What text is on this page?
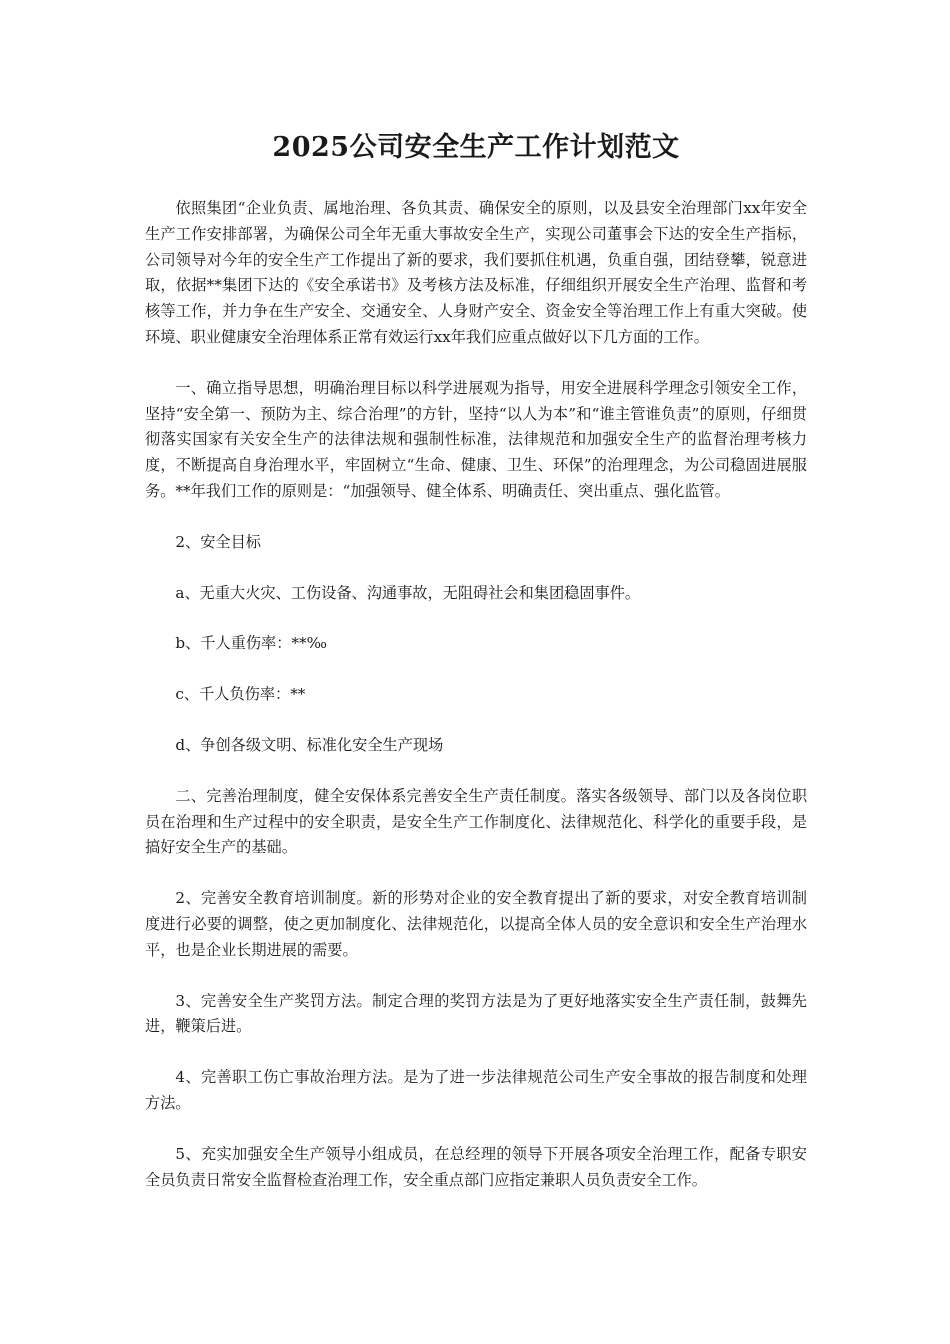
2025公司安全生产工作计划范文

依照集团“企业负责、属地治理、各负其责、确保安全的原则，以及县安全治理部门xx年安全生产工作安排部署，为确保公司全年无重大事故安全生产，实现公司董事会下达的安全生产指标，公司领导对今年的安全生产工作提出了新的要求，我们要抓住机遇，负重自强，团结登攀，锐意进取，依据**集团下达的《安全承诺书》及考核方法及标准，仔细组织开展安全生产治理、监督和考核等工作，并力争在生产安全、交通安全、人身财产安全、资金安全等治理工作上有重大突破。使环境、职业健康安全治理体系正常有效运行xx年我们应重点做好以下几方面的工作。

一、确立指导思想，明确治理目标以科学进展观为指导，用安全进展科学理念引领安全工作，坚持“安全第一、预防为主、综合治理”的方针，坚持“以人为本”和“谁主管谁负责”的原则，仔细贯彻落实国家有关安全生产的法律法规和强制性标准，法律规范和加强安全生产的监督治理考核力度，不断提高自身治理水平，牢固树立“生命、健康、卫生、环保”的治理理念，为公司稳固进展服务。**年我们工作的原则是：“加强领导、健全体系、明确责任、突出重点、强化监管。

2、安全目标

a、无重大火灾、工伤设备、沟通事故，无阻碍社会和集团稳固事件。

b、千人重伤率：**‰

c、千人负伤率：**

d、争创各级文明、标准化安全生产现场

二、完善治理制度，健全安保体系完善安全生产责任制度。落实各级领导、部门以及各岗位职员在治理和生产过程中的安全职责，是安全生产工作制度化、法律规范化、科学化的重要手段，是搞好安全生产的基础。

2、完善安全教育培训制度。新的形势对企业的安全教育提出了新的要求，对安全教育培训制度进行必要的调整，使之更加制度化、法律规范化，以提高全体人员的安全意识和安全生产治理水平，也是企业长期进展的需要。

3、完善安全生产奖罚方法。制定合理的奖罚方法是为了更好地落实安全生产责任制，鼓舞先进，鞭策后进。

4、完善职工伤亡事故治理方法。是为了进一步法律规范公司生产安全事故的报告制度和处理方法。

5、充实加强安全生产领导小组成员，在总经理的领导下开展各项安全治理工作，配备专职安全员负责日常安全监督检查治理工作，安全重点部门应指定兼职人员负责安全工作。
